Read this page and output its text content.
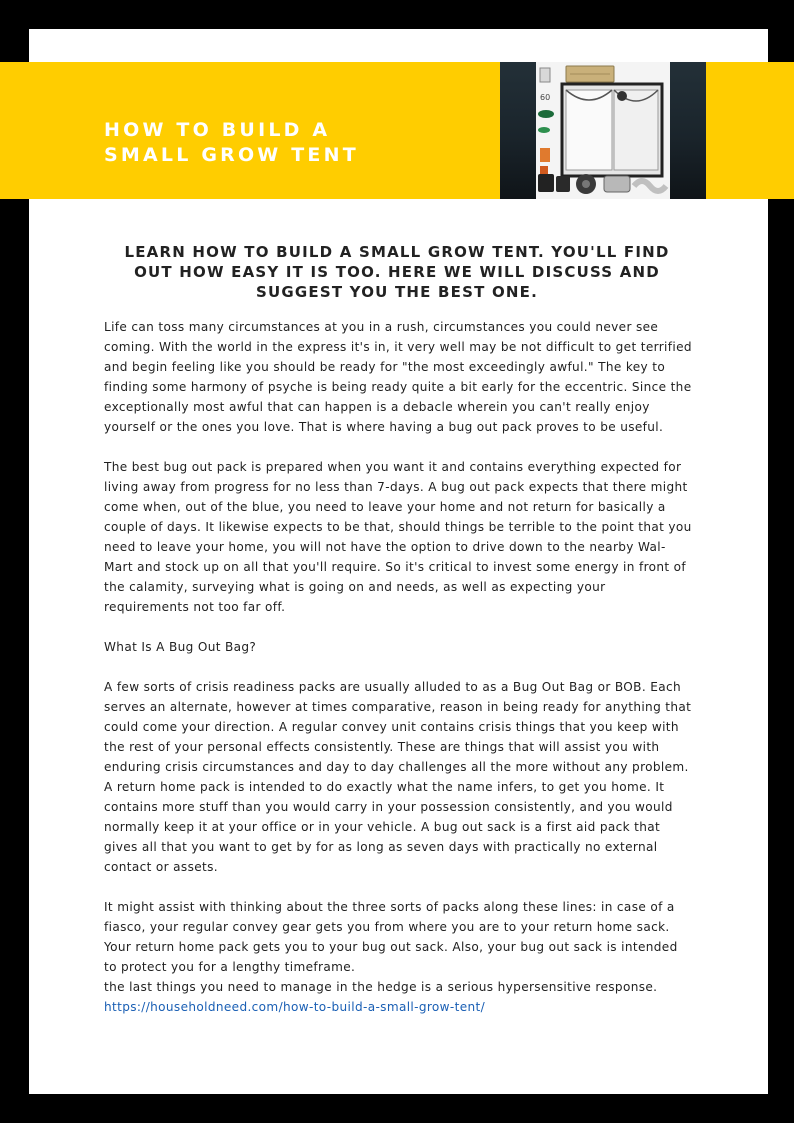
HOW TO BUILD A
SMALL GROW TENT
60
LEARN HOW TO BUILD A SMALL GROW TENT. YOU'LL FIND OUT HOW EASY IT IS TOO. HERE WE WILL DISCUSS AND SUGGEST YOU THE BEST ONE.

Life can toss many circumstances at you in a rush, circumstances you could never see coming. With the world in the express it's in, it very well may be not difficult to get terrified and begin feeling like you should be ready for "the most exceedingly awful." The key to finding some harmony of psyche is being ready quite a bit early for the eccentric. Since the exceptionally most awful that can happen is a debacle wherein you can't really enjoy yourself or the ones you love. That is where having a bug out pack proves to be useful.

The best bug out pack is prepared when you want it and contains everything expected for living away from progress for no less than 7-days. A bug out pack expects that there might come when, out of the blue, you need to leave your home and not return for basically a couple of days. It likewise expects to be that, should things be terrible to the point that you need to leave your home, you will not have the option to drive down to the nearby Wal-Mart and stock up on all that you'll require. So it's critical to invest some energy in front of the calamity, surveying what is going on and needs, as well as expecting your requirements not too far off.

What Is A Bug Out Bag?

A few sorts of crisis readiness packs are usually alluded to as a Bug Out Bag or BOB. Each serves an alternate, however at times comparative, reason in being ready for anything that could come your direction. A regular convey unit contains crisis things that you keep with the rest of your personal effects consistently. These are things that will assist you with enduring crisis circumstances and day to day challenges all the more without any problem. A return home pack is intended to do exactly what the name infers, to get you home. It contains more stuff than you would carry in your possession consistently, and you would normally keep it at your office or in your vehicle. A bug out sack is a first aid pack that gives all that you want to get by for as long as seven days with practically no external contact or assets.

It might assist with thinking about the three sorts of packs along these lines: in case of a fiasco, your regular convey gear gets you from where you are to your return home sack. Your return home pack gets you to your bug out sack. Also, your bug out sack is intended to protect you for a lengthy timeframe.

the last things you need to manage in the hedge is a serious hypersensitive response.

https://householdneed.com/how-to-build-a-small-grow-tent/
